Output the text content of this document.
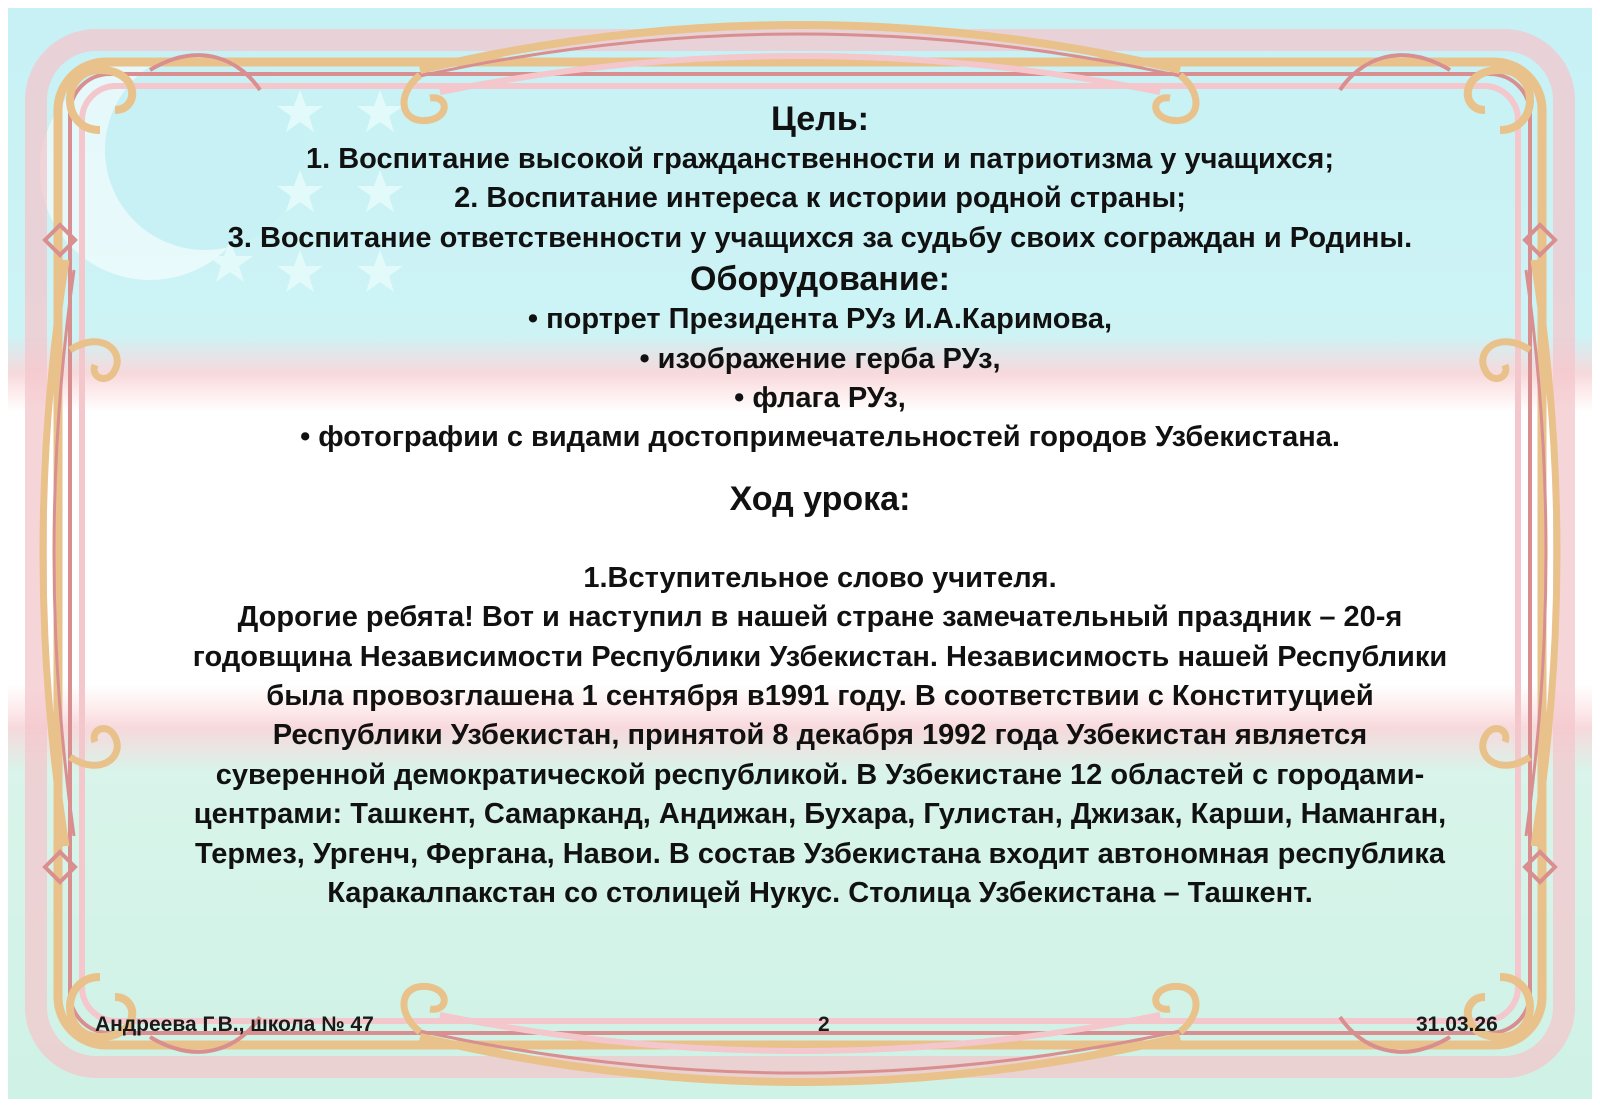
Цель:
1. Воспитание высокой гражданственности и патриотизма у учащихся;
2. Воспитание интереса к истории родной страны;
3. Воспитание ответственности у учащихся за судьбу своих сограждан и Родины.
Оборудование:
• портрет Президента РУз И.А.Каримова,
• изображение герба РУз,
• флага РУз,
• фотографии с видами достопримечательностей городов Узбекистана.
Ход урока:
1.Вступительное слово учителя.
Дорогие ребята! Вот и наступил в нашей стране замечательный праздник – 20-я
годовщина Независимости Республики Узбекистан. Независимость нашей Республики
была провозглашена 1 сентября в1991 году. В соответствии с Конституцией
Республики Узбекистан, принятой 8 декабря 1992 года Узбекистан является
суверенной демократической республикой. В Узбекистане 12 областей с городами-
центрами: Ташкент, Самарканд, Андижан, Бухара, Гулистан, Джизак, Карши, Наманган,
Термез, Ургенч, Фергана, Навои. В состав Узбекистана входит автономная республика
Каракалпакстан со столицей Нукус. Столица Узбекистана – Ташкент.
Андреева Г.В., школа № 47	2	31.03.26
